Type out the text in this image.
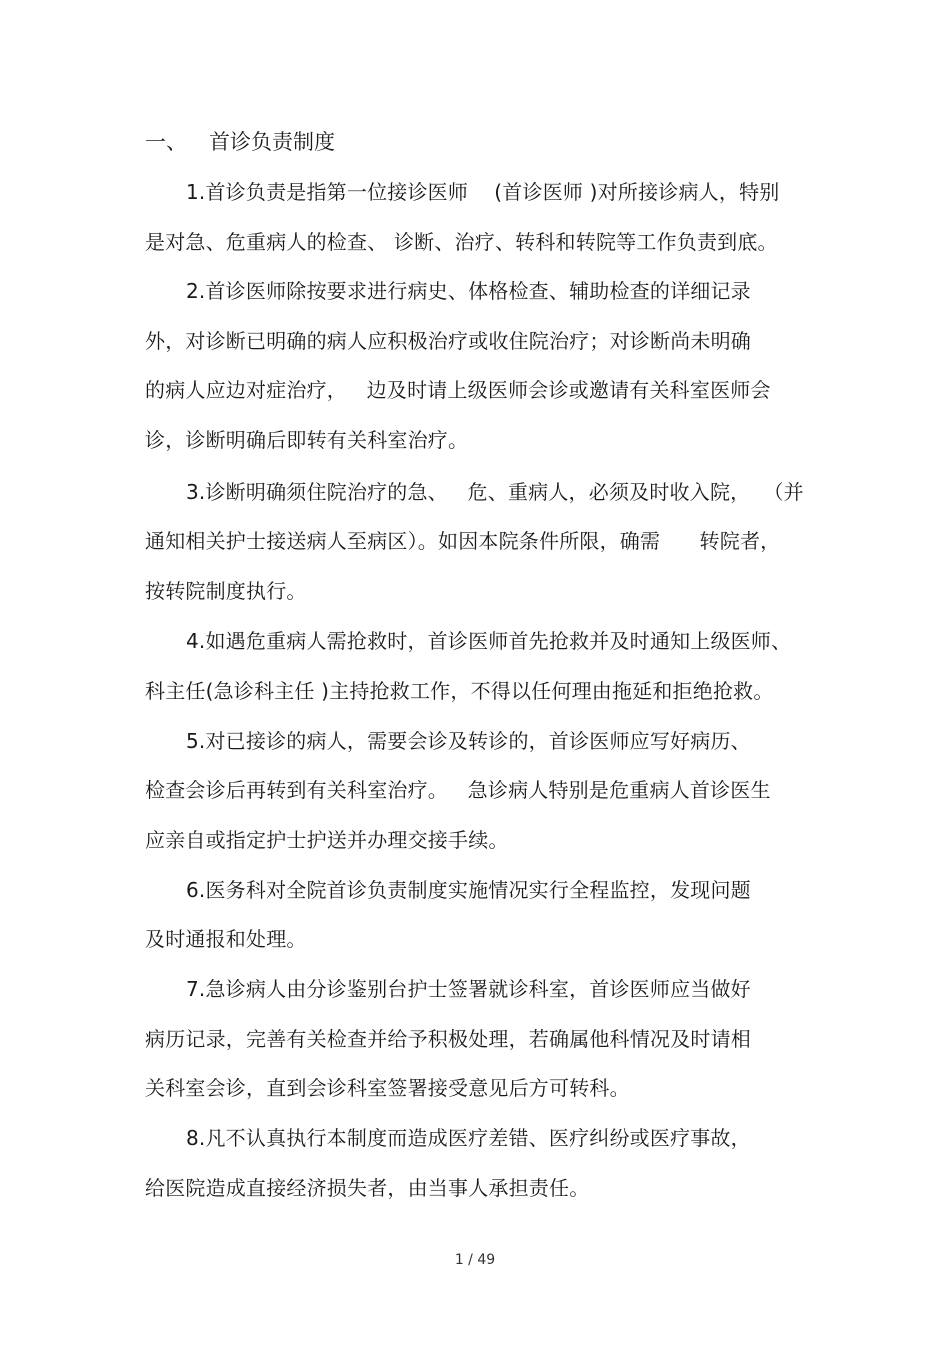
一、 首诊负责制度
1.首诊负责是指第一位接诊医师    (首诊医师 )对所接诊病人，特别
是对急、危重病人的检查、 诊断、治疗、转科和转院等工作负责到底。
2.首诊医师除按要求进行病史、体格检查、辅助检查的详细记录
外，对诊断已明确的病人应积极治疗或收住院治疗；对诊断尚未明确
的病人应边对症治疗，   边及时请上级医师会诊或邀请有关科室医师会
诊，诊断明确后即转有关科室治疗。
3.诊断明确须住院治疗的急、   危、重病人，必须及时收入院，  （并
通知相关护士接送病人至病区）。如因本院条件所限，确需      转院者，
按转院制度执行。
4.如遇危重病人需抢救时，首诊医师首先抢救并及时通知上级医师、
科主任(急诊科主任 )主持抢救工作，不得以任何理由拖延和拒绝抢救。
5.对已接诊的病人，需要会诊及转诊的，首诊医师应写好病历、
检查会诊后再转到有关科室治疗。   急诊病人特别是危重病人首诊医生
应亲自或指定护士护送并办理交接手续。
6.医务科对全院首诊负责制度实施情况实行全程监控，发现问题
及时通报和处理。
7.急诊病人由分诊鉴别台护士签署就诊科室，首诊医师应当做好
病历记录，完善有关检查并给予积极处理，若确属他科情况及时请相
关科室会诊，直到会诊科室签署接受意见后方可转科。
8.凡不认真执行本制度而造成医疗差错、医疗纠纷或医疗事故，
给医院造成直接经济损失者，由当事人承担责任。
1 / 49
